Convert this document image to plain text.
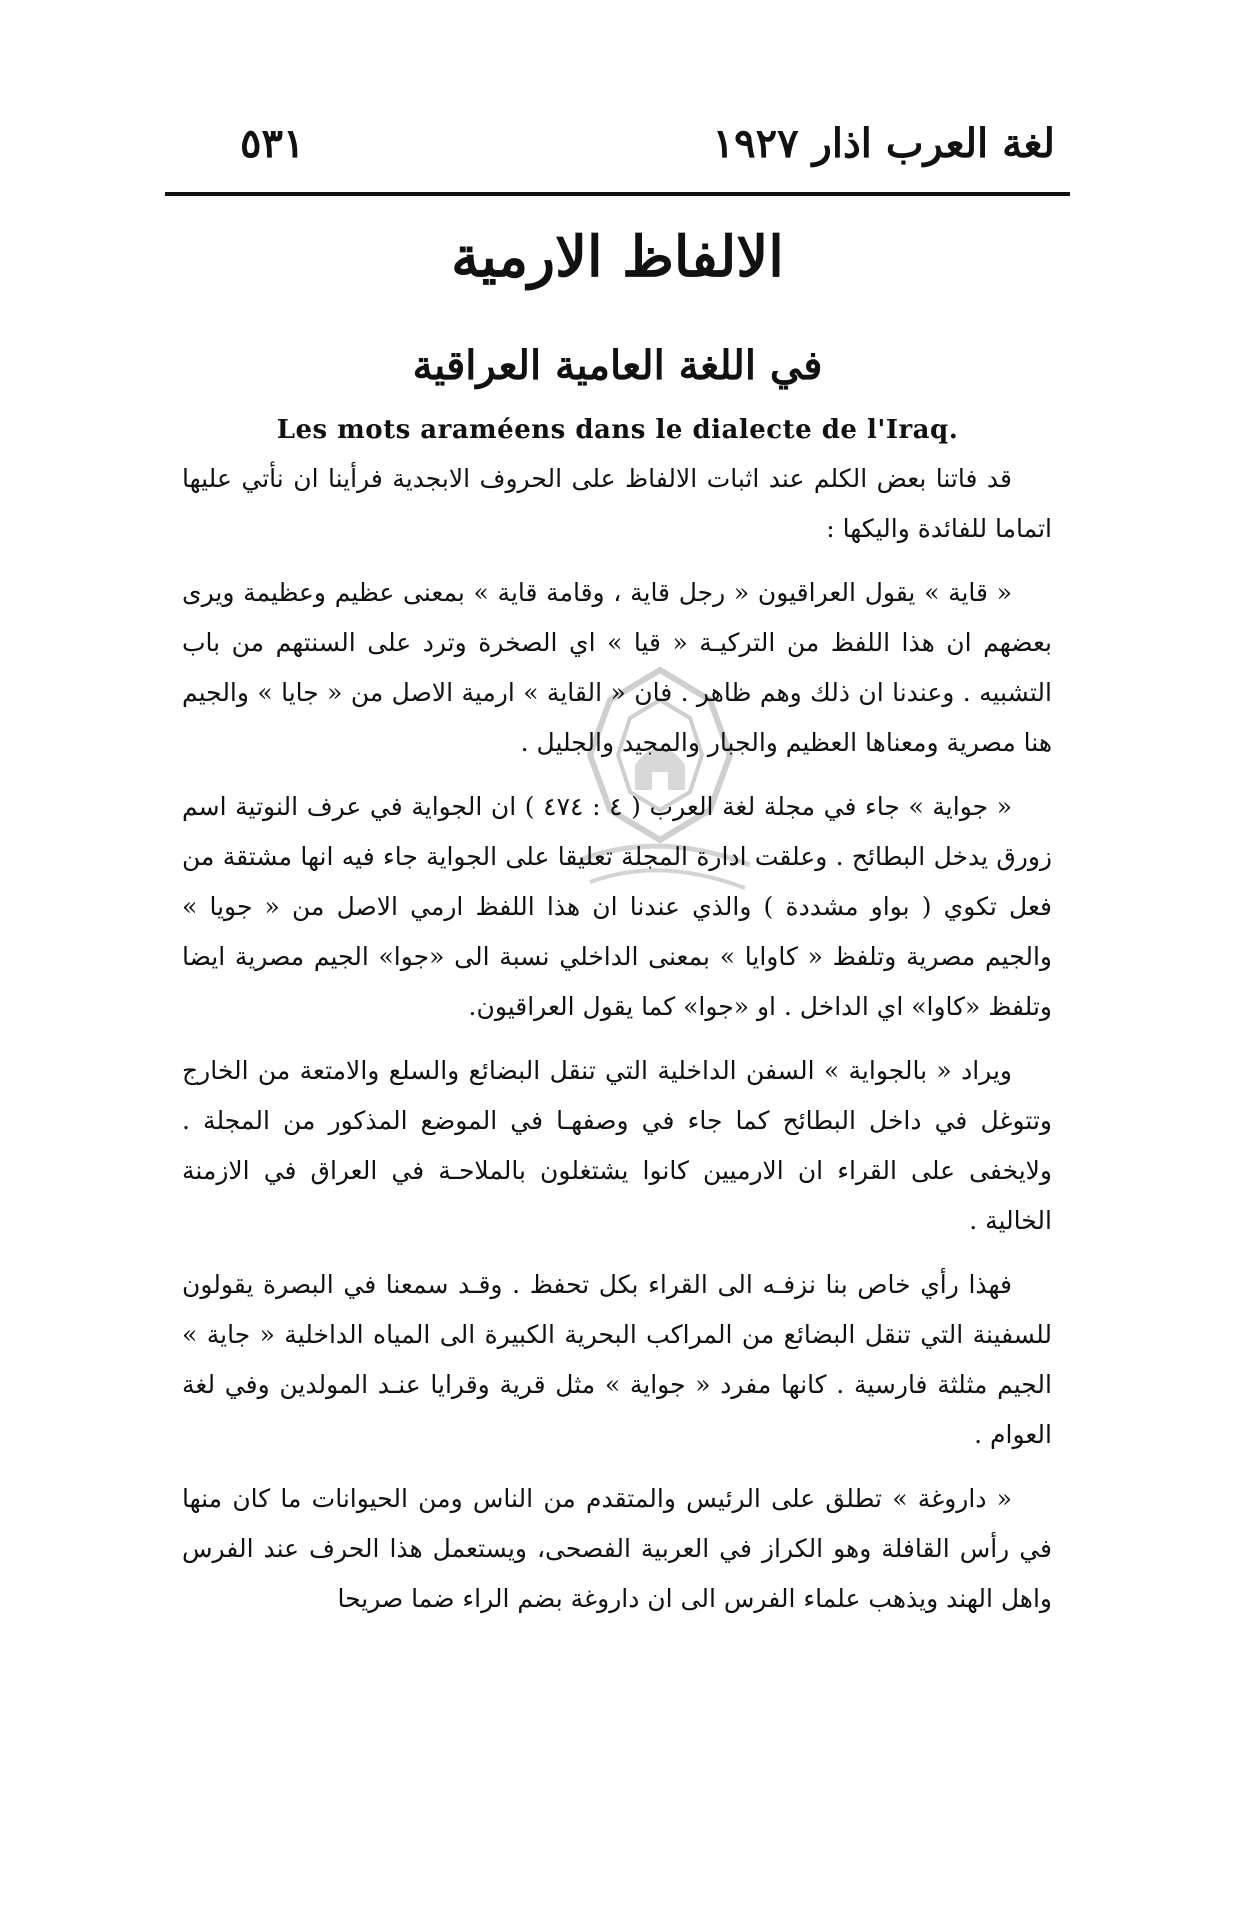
لغة العرب اذار ١٩٢٧
٥٣١
الالفاظ الارمية
في اللغة العامية العراقية
Les mots araméens dans le dialecte de l'Iraq.

قد فاتنا بعض الكلم عند اثبات الالفاظ على الحروف الابجدية فرأينا ان نأتي عليها اتماما للفائدة واليكها :

« قاية » يقول العراقيون « رجل قاية ، وقامة قاية » بمعنى عظيم وعظيمة ويرى بعضهم ان هذا اللفظ من التركيـة « قيا » اي الصخرة وترد على السنتهم من باب التشبيه . وعندنا ان ذلك وهم ظاهر . فان « القاية » ارمية الاصل من « جايا » والجيم هنا مصرية ومعناها العظيم والجبار والمجيد والجليل .

« جواية » جاء في مجلة لغة العرب ( ٤ : ٤٧٤ ) ان الجواية في عرف النوتية اسم زورق يدخل البطائح . وعلقت ادارة المجلة تعليقا على الجواية جاء فيه انها مشتقة من فعل تكوي ( بواو مشددة ) والذي عندنا ان هذا اللفظ ارمي الاصل من « جويا » والجيم مصرية وتلفظ « كاوايا » بمعنى الداخلي نسبة الى «جوا» الجيم مصرية ايضا وتلفظ «كاوا» اي الداخل . او «جوا» كما يقول العراقيون.

ويراد « بالجواية » السفن الداخلية التي تنقل البضائع والسلع والامتعة من الخارج وتتوغل في داخل البطائح كما جاء في وصفهـا في الموضع المذكور من المجلة . ولايخفى على القراء ان الارميين كانوا يشتغلون بالملاحـة في العراق في الازمنة الخالية .

فهذا رأي خاص بنا نزفـه الى القراء بكل تحفظ . وقـد سمعنا في البصرة يقولون للسفينة التي تنقل البضائع من المراكب البحرية الكبيرة الى المياه الداخلية « جاية » الجيم مثلثة فارسية . كانها مفرد « جواية » مثل قرية وقرايا عنـد المولدين وفي لغة العوام .

« داروغة » تطلق على الرئيس والمتقدم من الناس ومن الحيوانات ما كان منها في رأس القافلة وهو الكراز في العربية الفصحى، ويستعمل هذا الحرف عند الفرس واهل الهند ويذهب علماء الفرس الى ان داروغة بضم الراء ضما صريحا
